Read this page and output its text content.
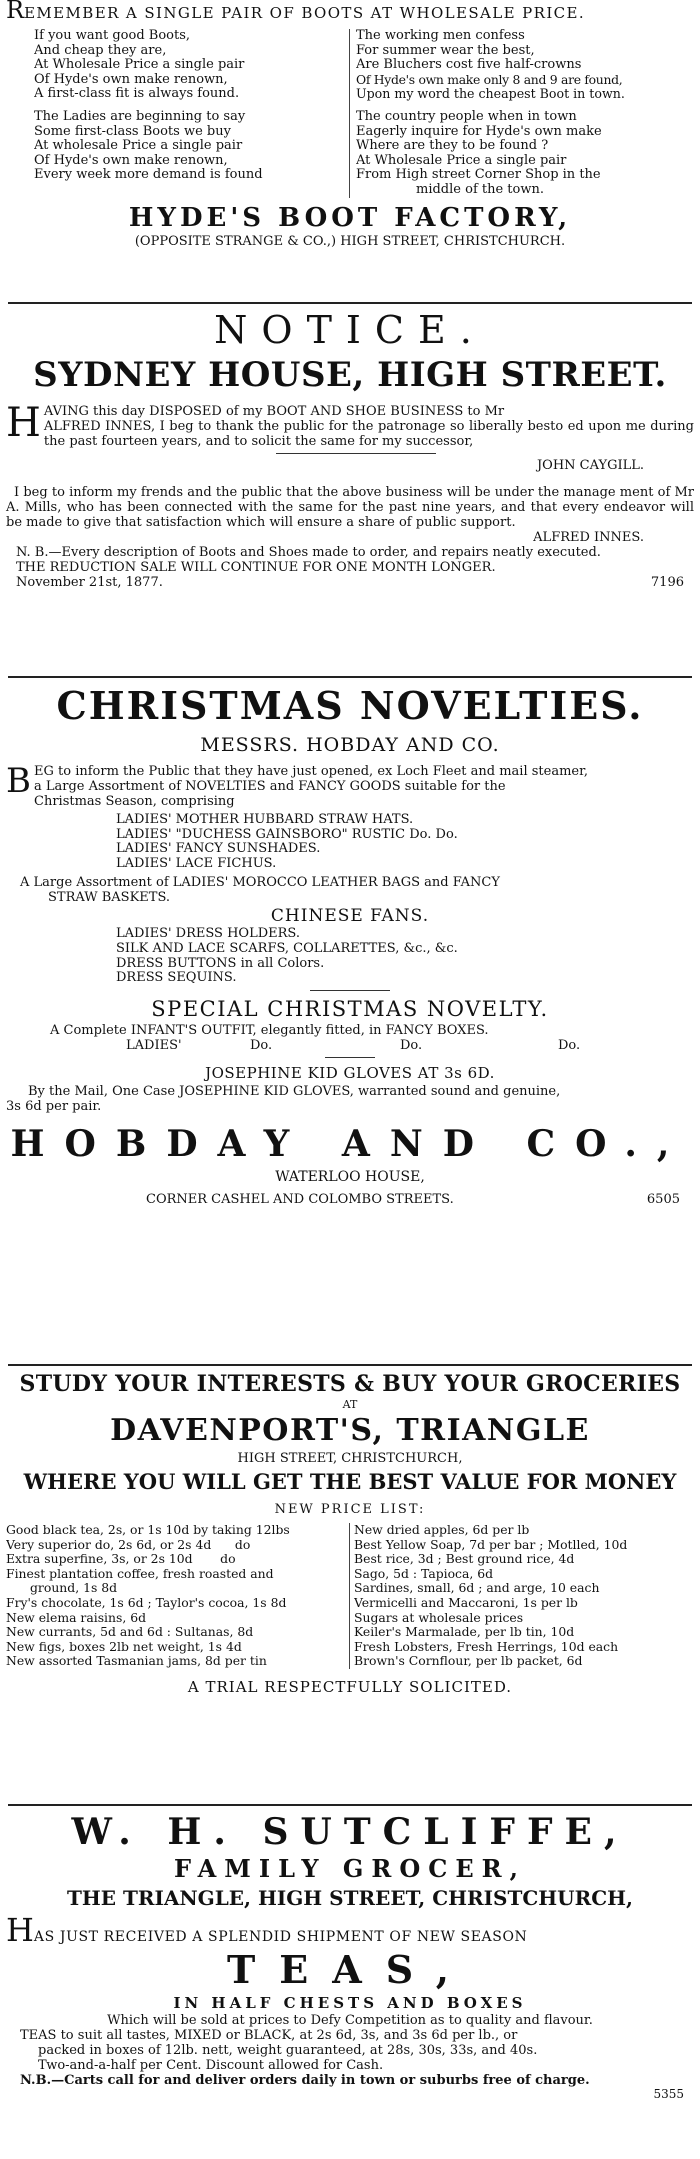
REMEMBER A SINGLE PAIR OF BOOTS AT WHOLESALE PRICE.
If you want good Boots,
And cheap they are,
At Wholesale Price a single pair
Of Hyde's own make renown,
A first-class fit is always found.
The Ladies are beginning to say
Some first-class Boots we buy
At wholesale Price a single pair
Of Hyde's own make renown,
Every week more demand is found
The working men confess
For summer wear the best,
Are Bluchers cost five half-crowns
Of Hyde's own make only 8 and 9 are found,
Upon my word the cheapest Boot in town.
The country people when in town
Eagerly inquire for Hyde's own make
Where are they to be found ?
At Wholesale Price a single pair
From High street Corner Shop in the
middle of the town.
HYDE'S BOOT FACTORY,
(OPPOSITE STRANGE & CO.,) HIGH STREET, CHRISTCHURCH.
NOTICE.
SYDNEY HOUSE, HIGH STREET.
H AVING this day DISPOSED of my BOOT AND SHOE BUSINESS to Mr
ALFRED INNES, I beg to thank the public for the patronage so liberally besto ed upon me during the past fourteen years, and to solicit the same for my successor,
JOHN CAYGILL.
I beg to inform my frends and the public that the above business will be under the manage ment of Mr A. Mills, who has been connected with the same for the past nine years, and that every endeavor will be made to give that satisfaction which will ensure a share of public support.
ALFRED INNES.
N. B.—Every description of Boots and Shoes made to order, and repairs neatly executed.
THE REDUCTION SALE WILL CONTINUE FOR ONE MONTH LONGER.
November 21st, 1877.	7196
CHRISTMAS NOVELTIES.
MESSRS. HOBDAY AND CO.
B EG to inform the Public that they have just opened, ex Loch Fleet and mail steamer,
a Large Assortment of NOVELTIES and FANCY GOODS suitable for the
Christmas Season, comprising
LADIES' MOTHER HUBBARD STRAW HATS.
LADIES' "DUCHESS GAINSBORO" RUSTIC Do. Do.
LADIES' FANCY SUNSHADES.
LADIES' LACE FICHUS.
A Large Assortment of LADIES' MOROCCO LEATHER BAGS and FANCY
STRAW BASKETS.
CHINESE FANS.
LADIES' DRESS HOLDERS.
SILK AND LACE SCARFS, COLLARETTES, &c., &c.
DRESS BUTTONS in all Colors.
DRESS SEQUINS.
SPECIAL CHRISTMAS NOVELTY.
A Complete INFANT'S OUTFIT, elegantly fitted, in FANCY BOXES.
LADIES'	Do.	Do.	Do.
JOSEPHINE KID GLOVES AT 3s 6D.
By the Mail, One Case JOSEPHINE KID GLOVES, warranted sound and genuine,
3s 6d per pair.
HOBDAY AND CO.,
WATERLOO HOUSE,
CORNER CASHEL AND COLOMBO STREETS.	6505
STUDY YOUR INTERESTS & BUY YOUR GROCERIES
AT
DAVENPORT'S, TRIANGLE
HIGH STREET, CHRISTCHURCH,
WHERE YOU WILL GET THE BEST VALUE FOR MONEY
NEW PRICE LIST:
Good black tea, 2s, or 1s 10d by taking 12lbs
Very superior do, 2s 6d, or 2s 4d      do
Extra superfine, 3s, or 2s 10d       do
Finest plantation coffee, fresh roasted and
ground, 1s 8d
Fry's chocolate, 1s 6d ; Taylor's cocoa, 1s 8d
New elema raisins, 6d
New currants, 5d and 6d : Sultanas, 8d
New figs, boxes 2lb net weight, 1s 4d
New assorted Tasmanian jams, 8d per tin
New dried apples, 6d per lb
Best Yellow Soap, 7d per bar ; Motlled, 10d
Best rice, 3d ; Best ground rice, 4d
Sago, 5d : Tapioca, 6d
Sardines, small, 6d ; and arge, 10 each
Vermicelli and Maccaroni, 1s per lb
Sugars at wholesale prices
Keiler's Marmalade, per lb tin, 10d
Fresh Lobsters, Fresh Herrings, 10d each
Brown's Cornflour, per lb packet, 6d
A TRIAL RESPECTFULLY SOLICITED.
W. H. SUTCLIFFE,
FAMILY GROCER,
THE TRIANGLE, HIGH STREET, CHRISTCHURCH,
HAS JUST RECEIVED A SPLENDID SHIPMENT OF NEW SEASON
TEAS,
IN HALF CHESTS AND BOXES
Which will be sold at prices to Defy Competition as to quality and flavour.
TEAS to suit all tastes, MIXED or BLACK, at 2s 6d, 3s, and 3s 6d per lb., or
packed in boxes of 12lb. nett, weight guaranteed, at 28s, 30s, 33s, and 40s.
Two-and-a-half per Cent. Discount allowed for Cash.
N.B.—Carts call for and deliver orders daily in town or suburbs free of charge.
5355
